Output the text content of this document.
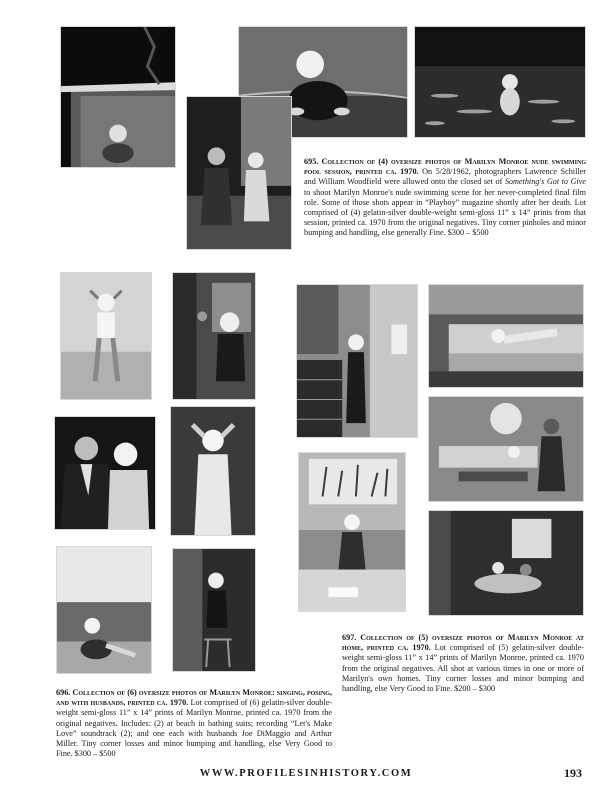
695. Collection of (4) oversize photos of Marilyn Monroe nude swimming pool session, printed ca. 1970. On 5/28/1962, photographers Lawrence Schiller and William Woodfield were allowed onto the closed set of Something's Got to Give to shoot Marilyn Monroe's nude swimming scene for her never-completed final film role. Some of those shots appear in “Playboy” magazine shortly after her death. Lot comprised of (4) gelatin-silver double-weight semi-gloss 11” x 14” prints from that session, printed ca. 1970 from the original negatives. Tiny corner pinholes and minor bumping and handling, else generally Fine. $300 – $500
696. Collection of (6) oversize photos of Marilyn Monroe: singing, posing, and with husbands, printed ca. 1970. Lot comprised of (6) gelatin-silver double-weight semi-gloss 11” x 14” prints of Marilyn Monroe, printed ca. 1970 from the original negatives. Includes: (2) at beach in bathing suits; recording “Let's Make Love” soundtrack (2); and one each with husbands Joe DiMaggio and Arthur Miller. Tiny corner losses and minor bumping and handling, else Very Good to Fine. $300 – $500
697. Collection of (5) oversize photos of Marilyn Monroe at home, printed ca. 1970. Lot comprised of (5) gelatin-silver double-weight semi-gloss 11” x 14” prints of Marilyn Monroe, printed ca. 1970 from the original negatives. All shot at various times in one or more of Marilyn's own homes. Tiny corner losses and minor bumping and handling, else Very Good to Fine. $200 – $300
WWW.PROFILESINHISTORY.COM	193
